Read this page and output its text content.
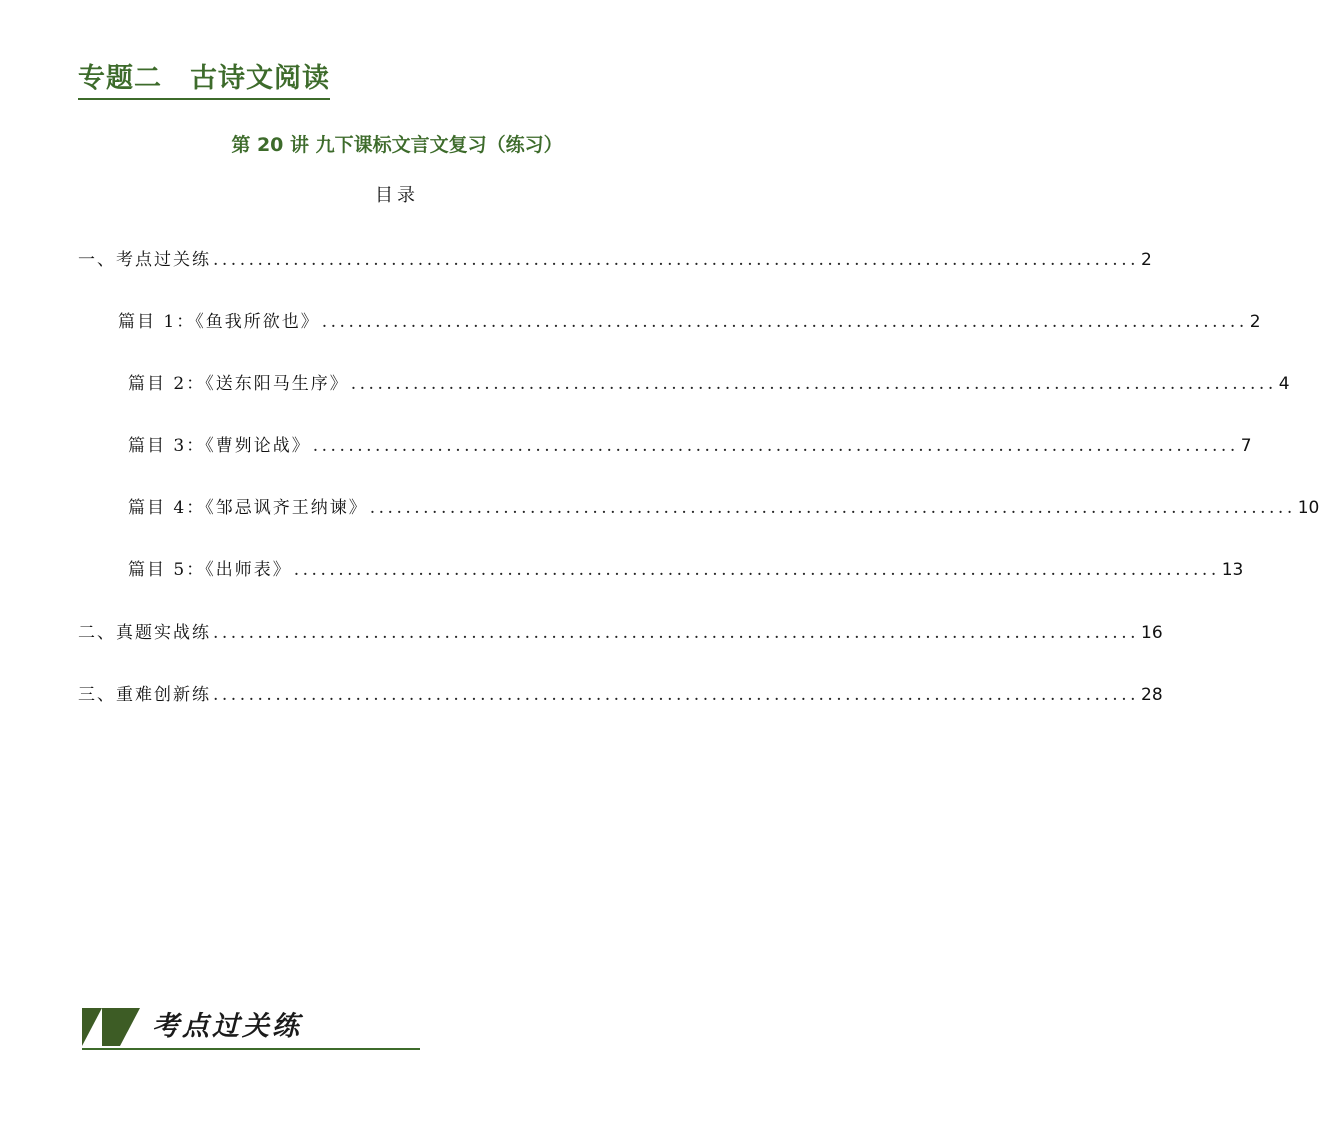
专题二　古诗文阅读
第 20 讲 九下课标文言文复习（练习）
目录
一、考点过关练 ........................................................................................................ 2
篇目 1：《鱼我所欲也》 ........................................................................................................ 2
篇目 2：《送东阳马生序》 ........................................................................................................ 4
篇目 3：《曹刿论战》 ........................................................................................................ 7
篇目 4：《邹忌讽齐王纳谏》 ........................................................................................................ 10
篇目 5：《出师表》 ........................................................................................................ 13
二、真题实战练 ........................................................................................................ 16
三、重难创新练 ........................................................................................................ 28
考点过关练
